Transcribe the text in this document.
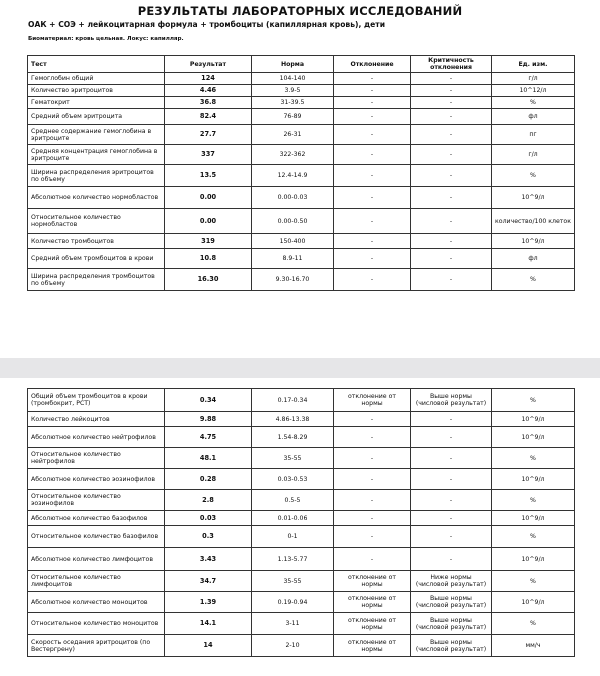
РЕЗУЛЬТАТЫ ЛАБОРАТОРНЫХ ИССЛЕДОВАНИЙ
ОАК + СОЭ + лейкоцитарная формула + тромбоциты (капиллярная кровь), дети
Биоматериал: кровь цельная. Локус: капилляр.
Тест	Результат	Норма	Отклонение	Критичность отклонения	Ед. изм.
Гемоглобин общий	124	104-140	-	-	г/л
Количество эритроцитов	4.46	3.9-5	-	-	10^12/л
Гематокрит	36.8	31-39.5	-	-	%
Средний объем эритроцита	82.4	76-89	-	-	фл
Среднее содержание гемоглобина в эритроците	27.7	26-31	-	-	пг
Средняя концентрация гемоглобина в эритроците	337	322-362	-	-	г/л
Ширина распределения эритроцитов по объему	13.5	12.4-14.9	-	-	%
Абсолютное количество нормобластов	0.00	0.00-0.03	-	-	10^9/л
Относительное количество нормобластов	0.00	0.00-0.50	-	-	количество/100 клеток
Количество тромбоцитов	319	150-400	-	-	10^9/л
Средний объем тромбоцитов в крови	10.8	8.9-11	-	-	фл
Ширина распределения тромбоцитов по объему	16.30	9.30-16.70	-	-	%
Общий объем тромбоцитов в крови (тромбокрит, PCT)	0.34	0.17-0.34	отклонение от нормы	Выше нормы (числовой результат)	%
Количество лейкоцитов	9.88	4.86-13.38	-	-	10^9/л
Абсолютное количество нейтрофилов	4.75	1.54-8.29	-	-	10^9/л
Относительное количество нейтрофилов	48.1	35-55	-	-	%
Абсолютное количество эозинофилов	0.28	0.03-0.53	-	-	10^9/л
Относительное количество эозинофилов	2.8	0.5-5	-	-	%
Абсолютное количество базофилов	0.03	0.01-0.06	-	-	10^9/л
Относительное количество базофилов	0.3	0-1	-	-	%
Абсолютное количество лимфоцитов	3.43	1.13-5.77	-	-	10^9/л
Относительное количество лимфоцитов	34.7	35-55	отклонение от нормы	Ниже нормы (числовой результат)	%
Абсолютное количество моноцитов	1.39	0.19-0.94	отклонение от нормы	Выше нормы (числовой результат)	10^9/л
Относительное количество моноцитов	14.1	3-11	отклонение от нормы	Выше нормы (числовой результат)	%
Скорость оседания эритроцитов (по Вестергрену)	14	2-10	отклонение от нормы	Выше нормы (числовой результат)	мм/ч
